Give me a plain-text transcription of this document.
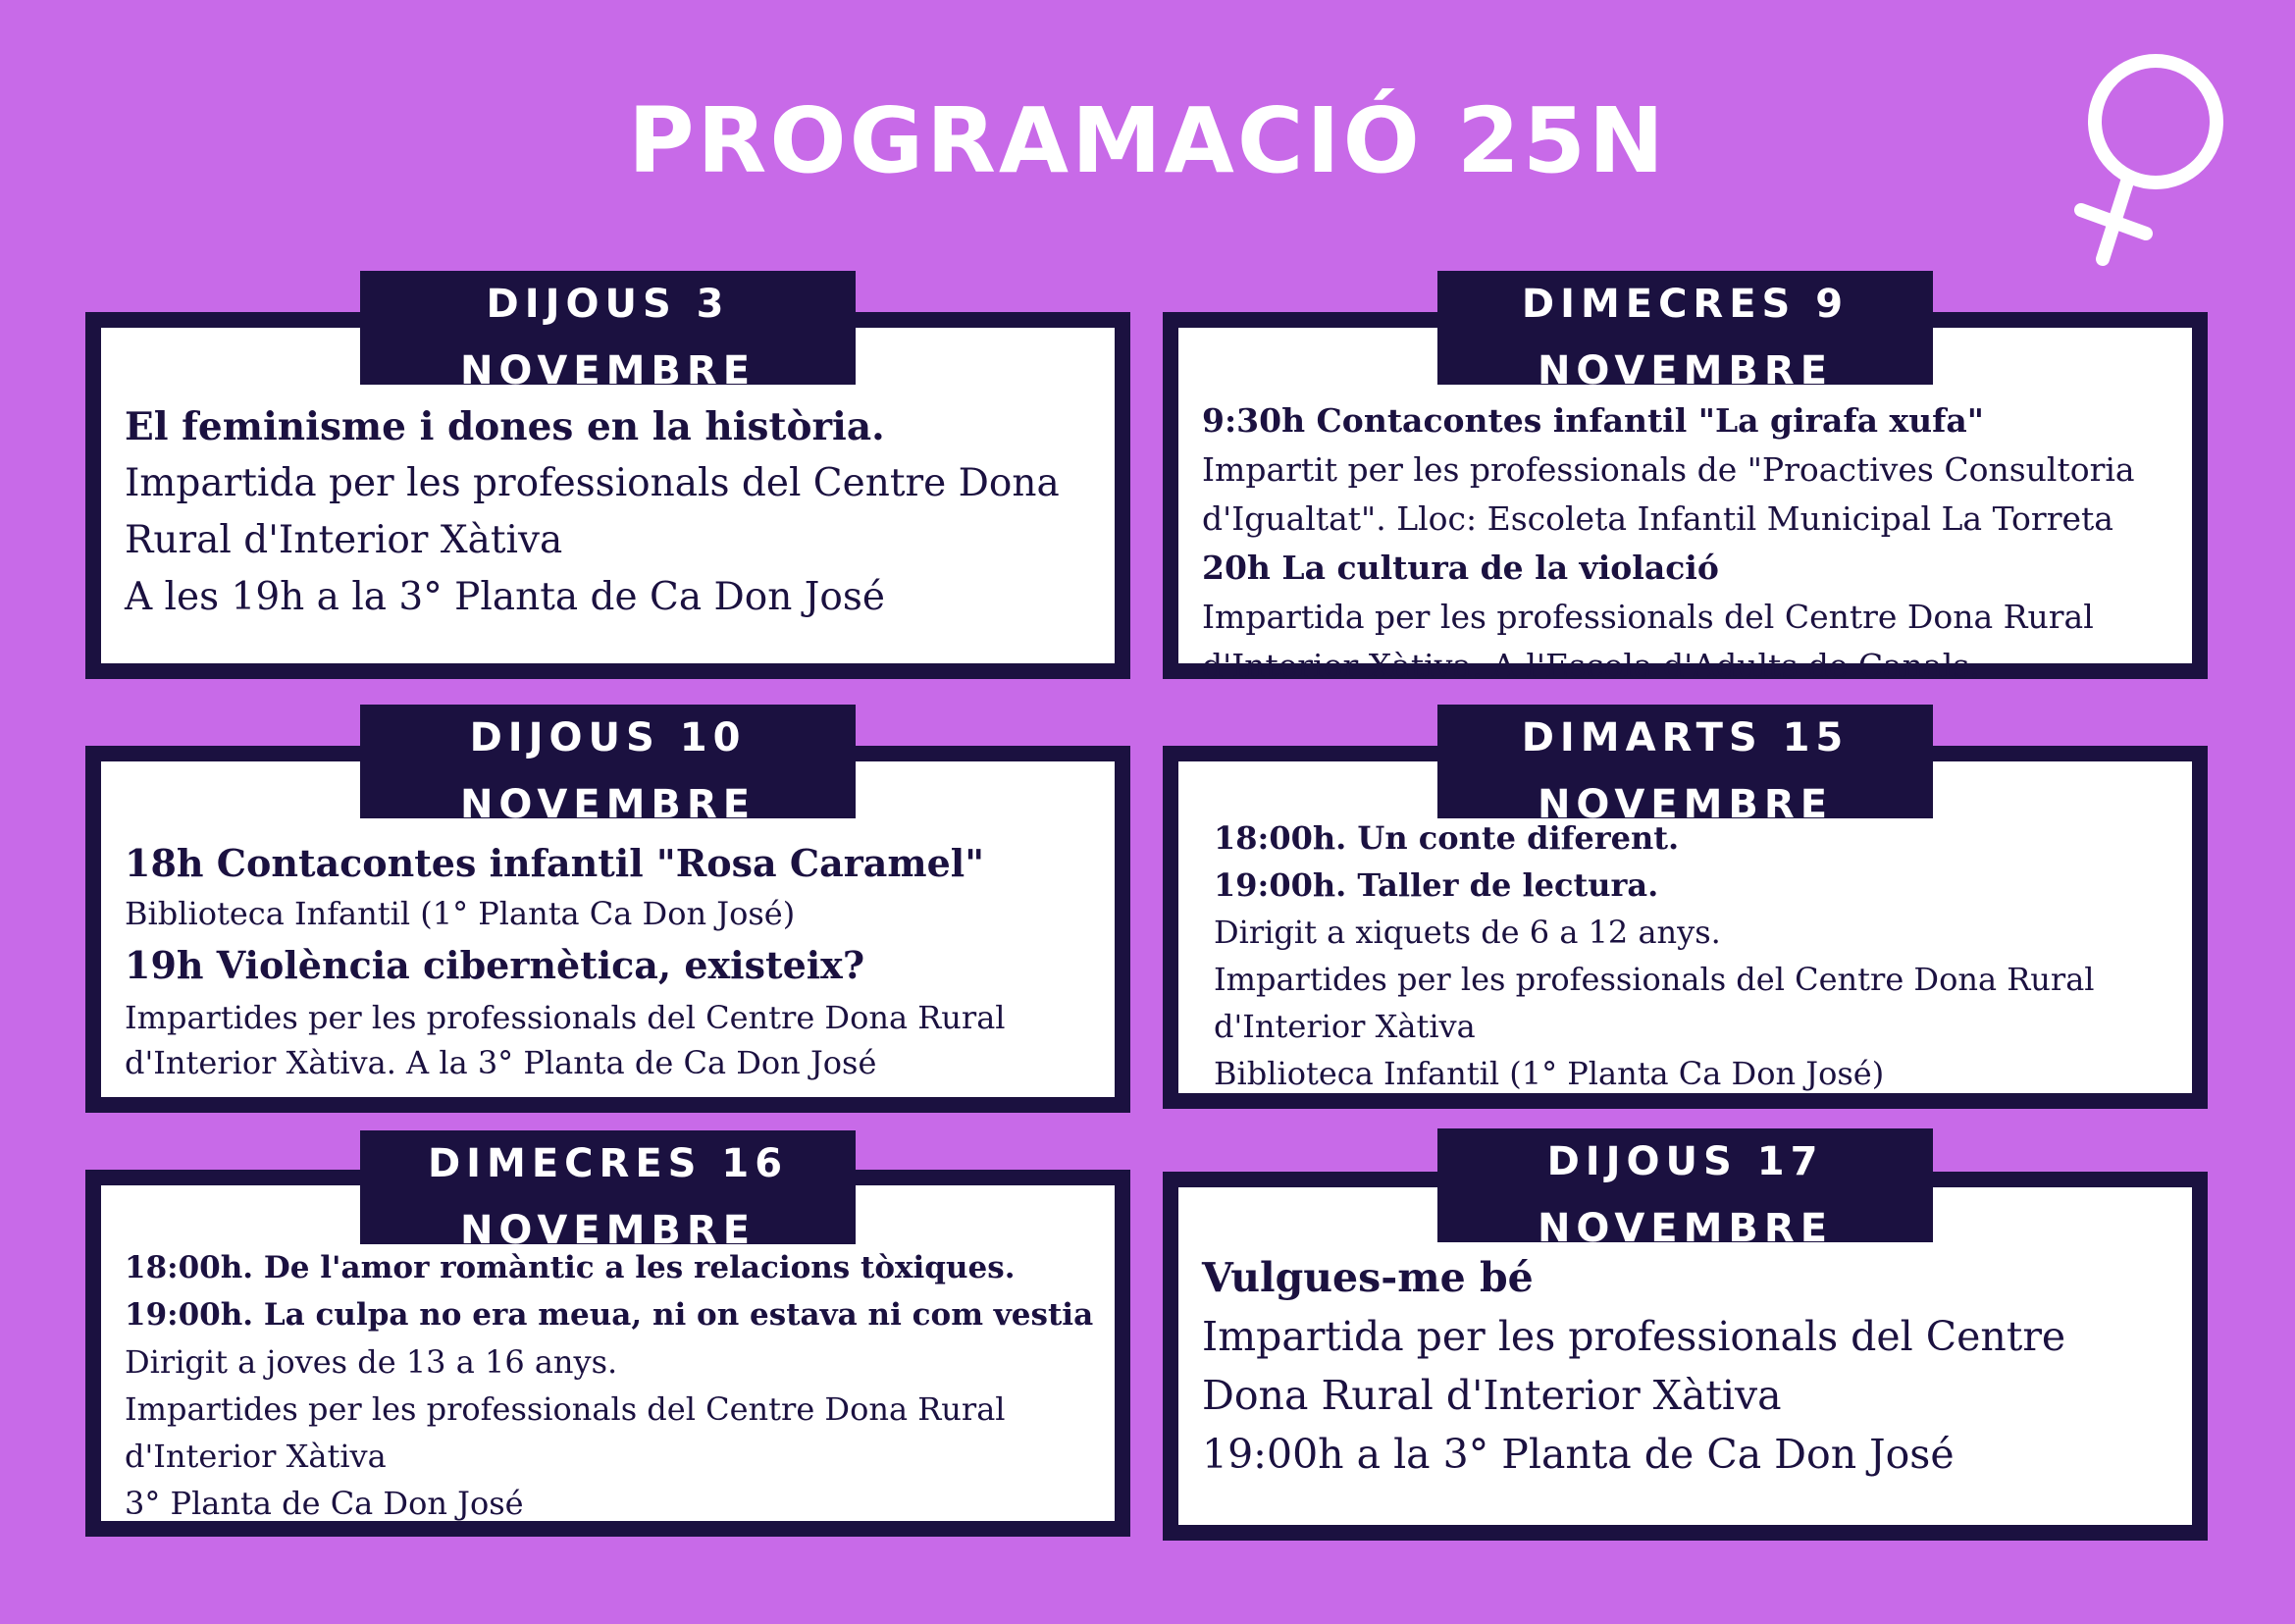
PROGRAMACIÓ 25N

El feminisme i dones en la història.

Impartida per les professionals del Centre Dona

Rural d'Interior Xàtiva

A les 19h a la 3° Planta de Ca Don José

DIJOUS 3
NOVEMBRE

9:30h Contacontes infantil "La girafa xufa"

Impartit per les professionals de "Proactives Consultoria

d'Igualtat". Lloc: Escoleta Infantil Municipal La Torreta

20h La cultura de la violació

Impartida per les professionals del Centre Dona Rural

d'Interior Xàtiva. A l'Escola d'Adults de Canals.

DIMECRES 9
NOVEMBRE

18h Contacontes infantil "Rosa Caramel"

Biblioteca Infantil (1° Planta Ca Don José)

19h Violència cibernètica, existeix?

Impartides per les professionals del Centre Dona Rural

d'Interior Xàtiva. A la 3° Planta de Ca Don José

DIJOUS 10
NOVEMBRE

18:00h. Un conte diferent.

19:00h. Taller de lectura.

Dirigit a xiquets de 6 a 12 anys.

Impartides per les professionals del Centre Dona Rural

d'Interior Xàtiva

Biblioteca Infantil (1° Planta Ca Don José)

DIMARTS 15
NOVEMBRE

18:00h. De l'amor romàntic a les relacions tòxiques.

19:00h. La culpa no era meua, ni on estava ni com vestia

Dirigit a joves de 13 a 16 anys.

Impartides per les professionals del Centre Dona Rural

d'Interior Xàtiva

3° Planta de Ca Don José

DIMECRES 16
NOVEMBRE

Vulgues-me bé

Impartida per les professionals del Centre

Dona Rural d'Interior Xàtiva

19:00h a la 3° Planta de Ca Don José

DIJOUS 17
NOVEMBRE
